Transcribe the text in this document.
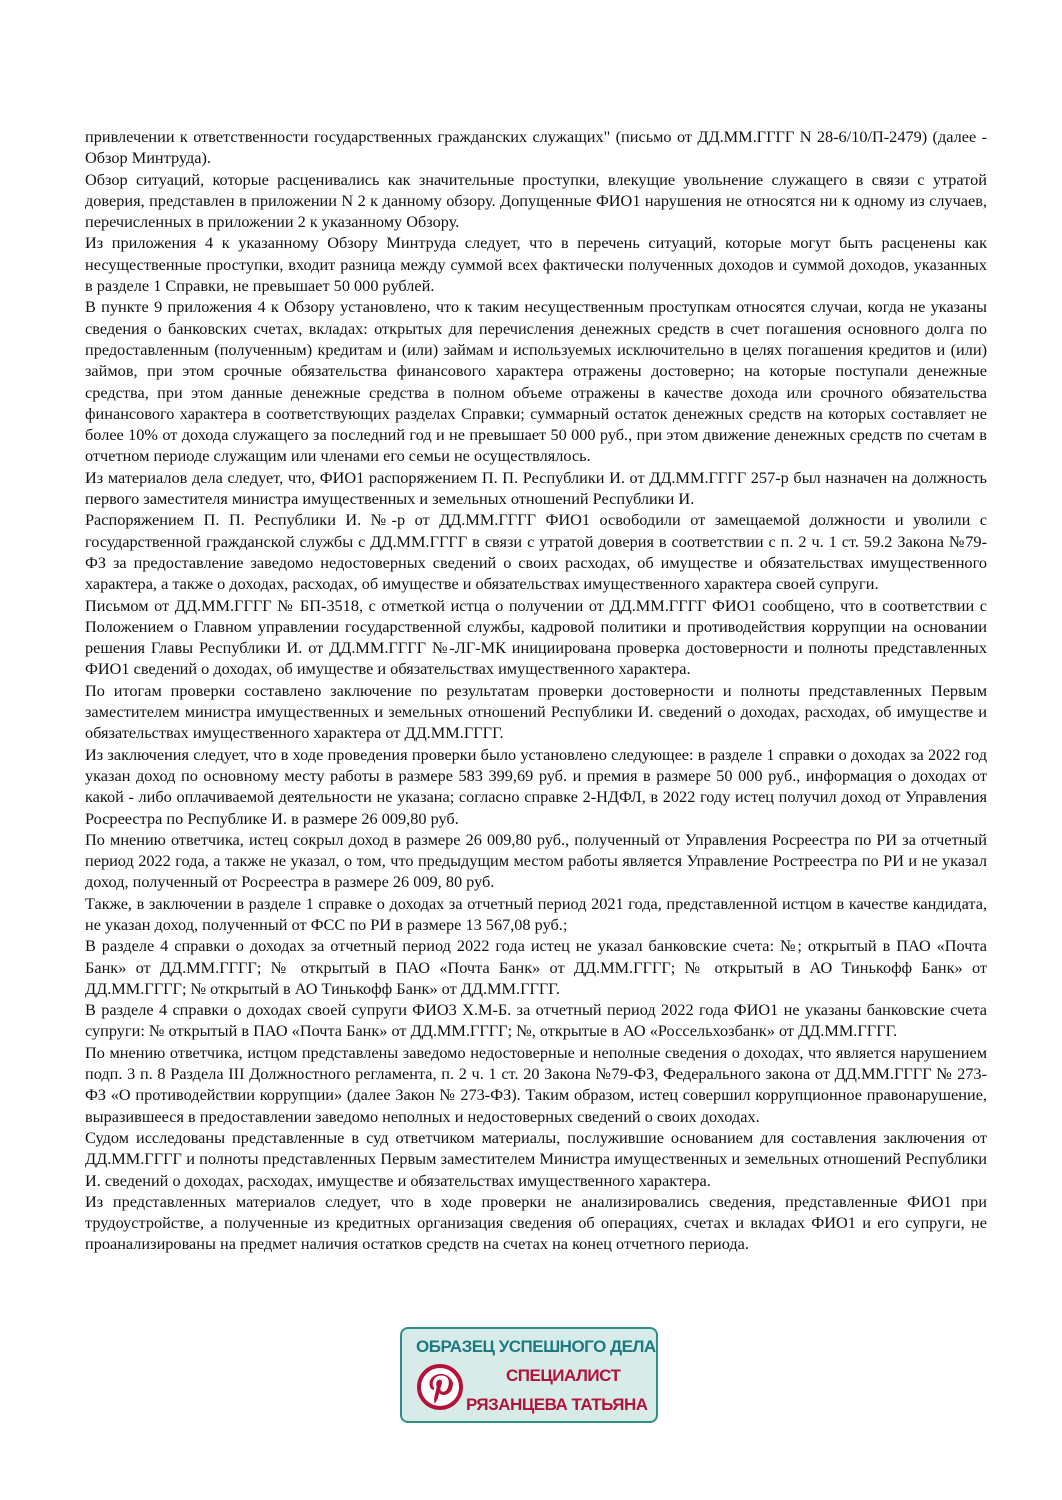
привлечении к ответственности государственных гражданских служащих" (письмо от ДД.ММ.ГГГГ N 28-6/10/П-2479) (далее - Обзор Минтруда).

Обзор ситуаций, которые расценивались как значительные проступки, влекущие увольнение служащего в связи с утратой доверия, представлен в приложении N 2 к данному обзору. Допущенные ФИО1 нарушения не относятся ни к одному из случаев, перечисленных в приложении 2 к указанному Обзору.

Из приложения 4 к указанному Обзору Минтруда следует, что в перечень ситуаций, которые могут быть расценены как несущественные проступки, входит разница между суммой всех фактически полученных доходов и суммой доходов, указанных в разделе 1 Справки, не превышает 50 000 рублей.

В пункте 9 приложения 4 к Обзору установлено, что к таким несущественным проступкам относятся случаи, когда не указаны сведения о банковских счетах, вкладах: открытых для перечисления денежных средств в счет погашения основного долга по предоставленным (полученным) кредитам и (или) займам и используемых исключительно в целях погашения кредитов и (или) займов, при этом срочные обязательства финансового характера отражены достоверно; на которые поступали денежные средства, при этом данные денежные средства в полном объеме отражены в качестве дохода или срочного обязательства финансового характера в соответствующих разделах Справки; суммарный остаток денежных средств на которых составляет не более 10% от дохода служащего за последний год и не превышает 50 000 руб., при этом движение денежных средств по счетам в отчетном периоде служащим или членами его семьи не осуществлялось.

Из материалов дела следует, что, ФИО1 распоряжением П. П. Республики И. от ДД.ММ.ГГГГ 257-р был назначен на должность первого заместителя министра имущественных и земельных отношений Республики И.

Распоряжением П. П. Республики И. №-р от ДД.ММ.ГГГГ ФИО1 освободили от замещаемой должности и уволили с государственной гражданской службы с ДД.ММ.ГГГГ в связи с утратой доверия в соответствии с п. 2 ч. 1 ст. 59.2 Закона №79-ФЗ за предоставление заведомо недостоверных сведений о своих расходах, об имуществе и обязательствах имущественного характера, а также о доходах, расходах, об имуществе и обязательствах имущественного характера своей супруги.

Письмом от ДД.ММ.ГГГГ № БП-3518, с отметкой истца о получении от ДД.ММ.ГГГГ ФИО1 сообщено, что в соответствии с Положением о Главном управлении государственной службы, кадровой политики и противодействия коррупции на основании решения Главы Республики И. от ДД.ММ.ГГГГ №-ЛГ-МК инициирована проверка достоверности и полноты представленных ФИО1 сведений о доходах, об имуществе и обязательствах имущественного характера.

По итогам проверки составлено заключение по результатам проверки достоверности и полноты представленных Первым заместителем министра имущественных и земельных отношений Республики И. сведений о доходах, расходах, об имуществе и обязательствах имущественного характера от ДД.ММ.ГГГГ.

Из заключения следует, что в ходе проведения проверки было установлено следующее: в разделе 1 справки о доходах за 2022 год указан доход по основному месту работы в размере 583 399,69 руб. и премия в размере 50 000 руб., информация о доходах от какой - либо оплачиваемой деятельности не указана; согласно справке 2-НДФЛ, в 2022 году истец получил доход от Управления Росреестра по Республике И. в размере 26 009,80 руб.

По мнению ответчика, истец сокрыл доход в размере 26 009,80 руб., полученный от Управления Росреестра по РИ за отчетный период 2022 года, а также не указал, о том, что предыдущим местом работы является Управление Ростреестра по РИ и не указал доход, полученный от Росреестра в размере 26 009, 80 руб.

Также, в заключении в разделе 1 справке о доходах за отчетный период 2021 года, представленной истцом в качестве кандидата, не указан доход, полученный от ФСС по РИ в размере 13 567,08 руб.;

В разделе 4 справки о доходах за отчетный период 2022 года истец не указал банковские счета: №; открытый в ПАО «Почта Банк» от ДД.ММ.ГГГГ; № открытый в ПАО «Почта Банк» от ДД.ММ.ГГГГ; № открытый в АО Тинькофф Банк» от ДД.ММ.ГГГГ; № открытый в АО Тинькофф Банк» от ДД.ММ.ГГГГ.

В разделе 4 справки о доходах своей супруги ФИО3 Х.М-Б. за отчетный период 2022 года ФИО1 не указаны банковские счета супруги: № открытый в ПАО «Почта Банк» от ДД.ММ.ГГГГ; №, открытые в АО «Россельхозбанк» от ДД.ММ.ГГГГ.

По мнению ответчика, истцом представлены заведомо недостоверные и неполные сведения о доходах, что является нарушением подп. 3 п. 8 Раздела III Должностного регламента, п. 2 ч. 1 ст. 20 Закона №79-ФЗ, Федерального закона от ДД.ММ.ГГГГ № 273-ФЗ «О противодействии коррупции» (далее Закон № 273-ФЗ). Таким образом, истец совершил коррупционное правонарушение, выразившееся в предоставлении заведомо неполных и недостоверных сведений о своих доходах.

Судом исследованы представленные в суд ответчиком материалы, послужившие основанием для составления заключения от ДД.ММ.ГГГГ и полноты представленных Первым заместителем Министра имущественных и земельных отношений Республики И. сведений о доходах, расходах, имуществе и обязательствах имущественного характера.

Из представленных материалов следует, что в ходе проверки не анализировались сведения, представленные ФИО1 при трудоустройстве, а полученные из кредитных организация сведения об операциях, счетах и вкладах ФИО1 и его супруги, не проанализированы на предмет наличия остатков средств на счетах на конец отчетного периода.

ОБРАЗЕЦ УСПЕШНОГО ДЕЛА
СПЕЦИАЛИСТ
РЯЗАНЦЕВА ТАТЬЯНА
